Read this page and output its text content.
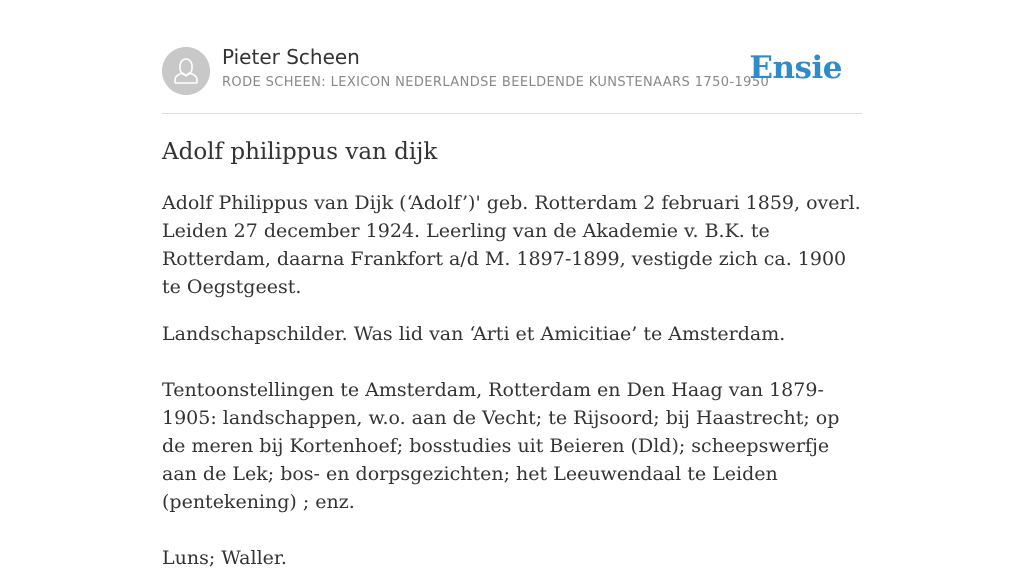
Pieter Scheen
RODE SCHEEN: LEXICON NEDERLANDSE BEELDENDE KUNSTENAARS 1750-1950
Ensie
Adolf philippus van dijk

Adolf Philippus van Dijk (‘Adolf’)' geb. Rotterdam 2 februari 1859, overl. Leiden 27 december 1924. Leerling van de Akademie v. B.K. te Rotterdam, daarna Frankfort a/d M. 1897-1899, vestigde zich ca. 1900 te Oegstgeest.

Landschapschilder. Was lid van ‘Arti et Amicitiae’ te Amsterdam.

Tentoonstellingen te Amsterdam, Rotterdam en Den Haag van 1879-1905: landschappen, w.o. aan de Vecht; te Rijsoord; bij Haastrecht; op de meren bij Kortenhoef; bosstudies uit Beieren (Dld); scheepswerfje aan de Lek; bos- en dorpsgezichten; het Leeuwendaal te Leiden (pentekening) ; enz.

Luns; Waller.
